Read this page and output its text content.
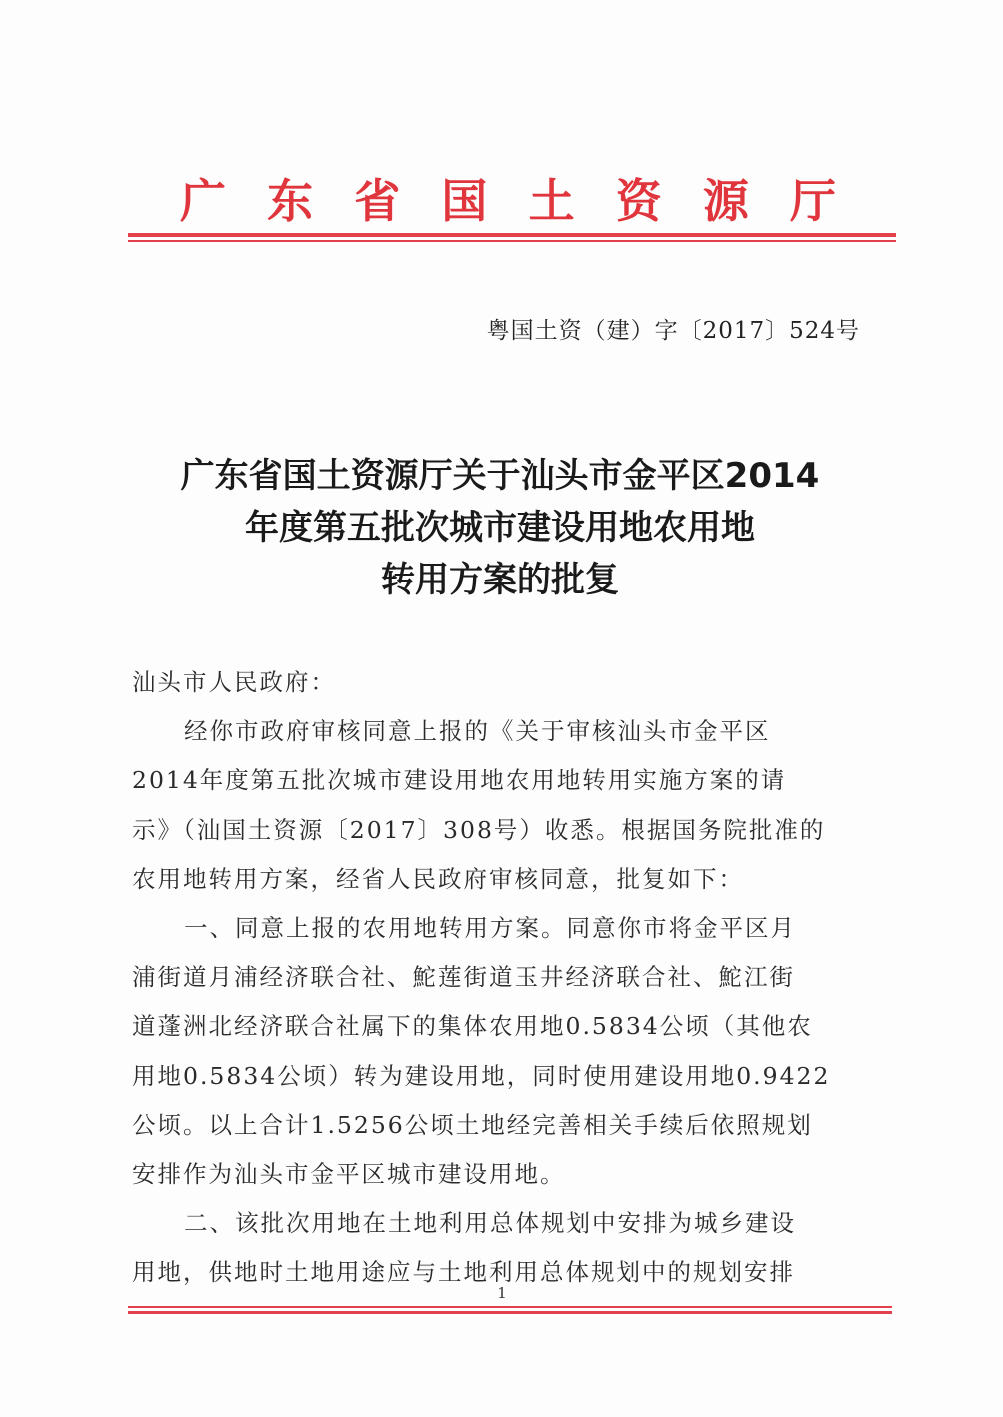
广 东 省 国 土 资 源 厅
粤国土资（建）字〔2017〕524号
广东省国土资源厅关于汕头市金平区2014
年度第五批次城市建设用地农用地
转用方案的批复
汕头市人民政府：
经你市政府审核同意上报的《关于审核汕头市金平区
2014年度第五批次城市建设用地农用地转用实施方案的请
示》（汕国土资源〔2017〕308号）收悉。根据国务院批准的
农用地转用方案，经省人民政府审核同意，批复如下：
一、同意上报的农用地转用方案。同意你市将金平区月
浦街道月浦经济联合社、鮀莲街道玉井经济联合社、鮀江街
道蓬洲北经济联合社属下的集体农用地0.5834公顷（其他农
用地0.5834公顷）转为建设用地，同时使用建设用地0.9422
公顷。以上合计1.5256公顷土地经完善相关手续后依照规划
安排作为汕头市金平区城市建设用地。
二、该批次用地在土地利用总体规划中安排为城乡建设
用地，供地时土地用途应与土地利用总体规划中的规划安排
1
